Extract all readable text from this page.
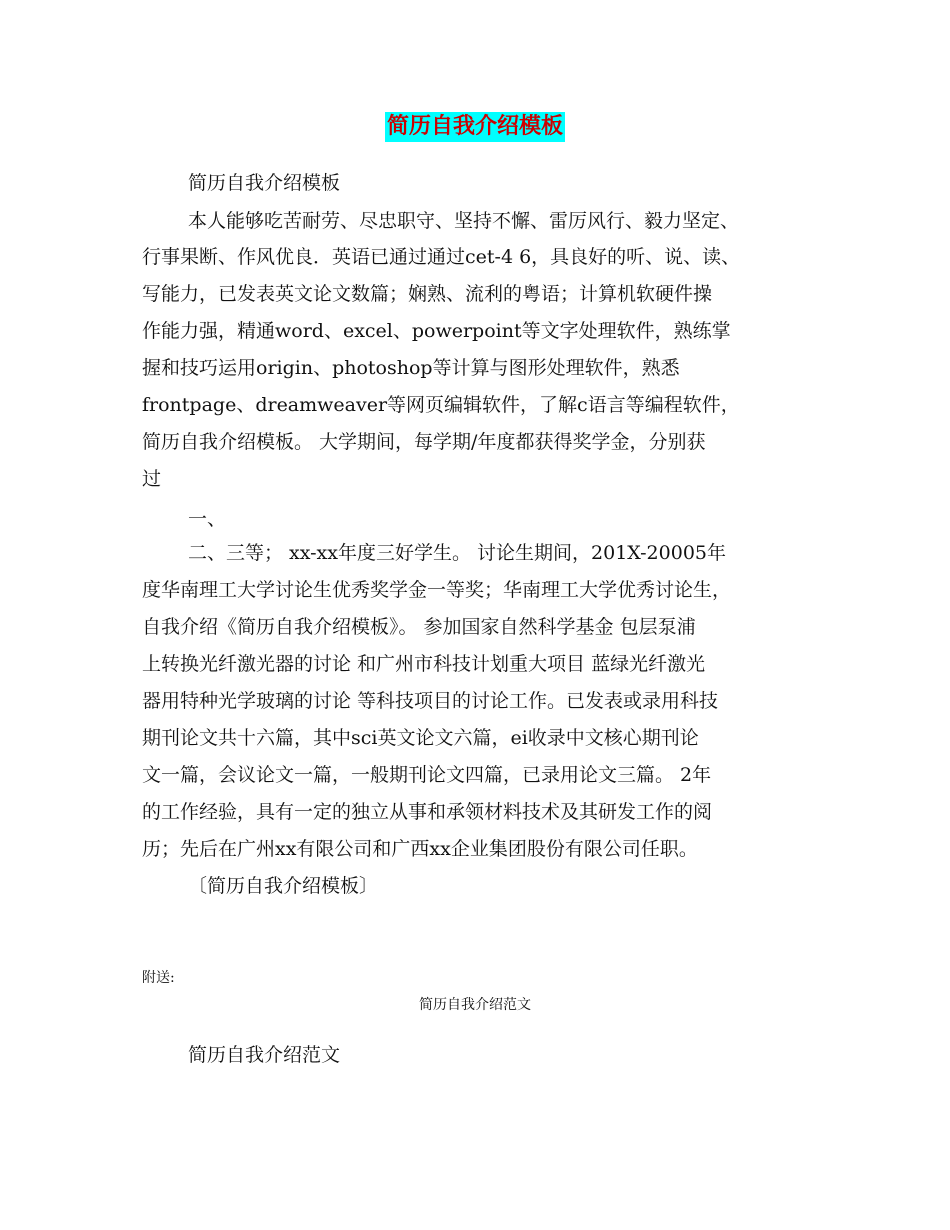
简历自我介绍模板
简历自我介绍模板
本人能够吃苦耐劳、尽忠职守、坚持不懈、雷厉风行、毅力坚定、
行事果断、作风优良．英语已通过通过cet-4 6，具良好的听、说、读、
写能力，已发表英文论文数篇；娴熟、流利的粤语；计算机软硬件操
作能力强，精通word、excel、powerpoint等文字处理软件，熟练掌
握和技巧运用origin、photoshop等计算与图形处理软件，熟悉
frontpage、dreamweaver等网页编辑软件，了解c语言等编程软件，
简历自我介绍模板。 大学期间，每学期/年度都获得奖学金，分别获
过
一、
二、三等； xx-xx年度三好学生。 讨论生期间，201X-20005年
度华南理工大学讨论生优秀奖学金一等奖；华南理工大学优秀讨论生，
自我介绍《简历自我介绍模板》。 参加国家自然科学基金 包层泵浦
上转换光纤激光器的讨论 和广州市科技计划重大项目 蓝绿光纤激光
器用特种光学玻璃的讨论 等科技项目的讨论工作。已发表或录用科技
期刊论文共十六篇，其中sci英文论文六篇，ei收录中文核心期刊论
文一篇，会议论文一篇，一般期刊论文四篇，已录用论文三篇。 2年
的工作经验，具有一定的独立从事和承领材料技术及其研发工作的阅
历；先后在广州xx有限公司和广西xx企业集团股份有限公司任职。
〔简历自我介绍模板〕
附送:
简历自我介绍范文
简历自我介绍范文
